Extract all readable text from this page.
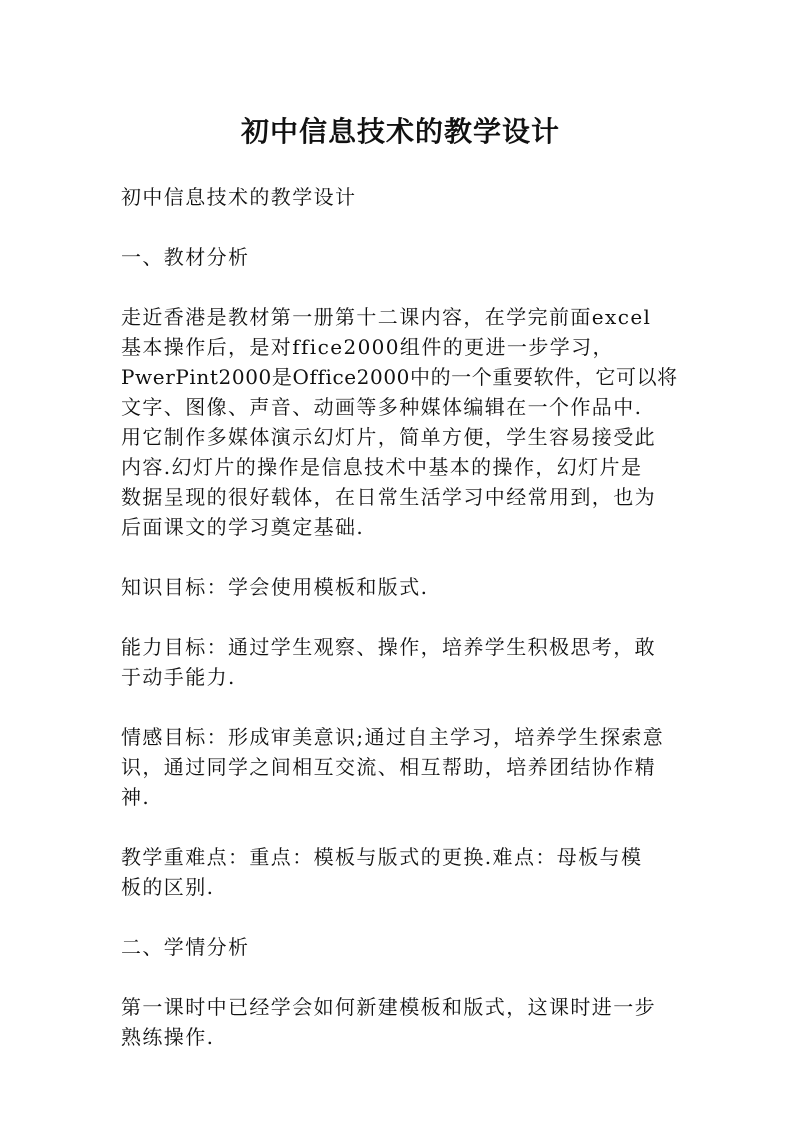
初中信息技术的教学设计

初中信息技术的教学设计

一、教材分析

走近香港是教材第一册第十二课内容，在学完前面excel
基本操作后，是对ffice2000组件的更进一步学习，
PwerPint2000是Office2000中的一个重要软件，它可以将
文字、图像、声音、动画等多种媒体编辑在一个作品中.
用它制作多媒体演示幻灯片，简单方便，学生容易接受此
内容.幻灯片的操作是信息技术中基本的操作，幻灯片是
数据呈现的很好载体，在日常生活学习中经常用到，也为
后面课文的学习奠定基础.

知识目标：学会使用模板和版式.

能力目标：通过学生观察、操作，培养学生积极思考，敢
于动手能力.

情感目标：形成审美意识;通过自主学习，培养学生探索意
识，通过同学之间相互交流、相互帮助，培养团结协作精
神.

教学重难点：重点：模板与版式的更换.难点：母板与模
板的区别.

二、学情分析

第一课时中已经学会如何新建模板和版式，这课时进一步
熟练操作.
